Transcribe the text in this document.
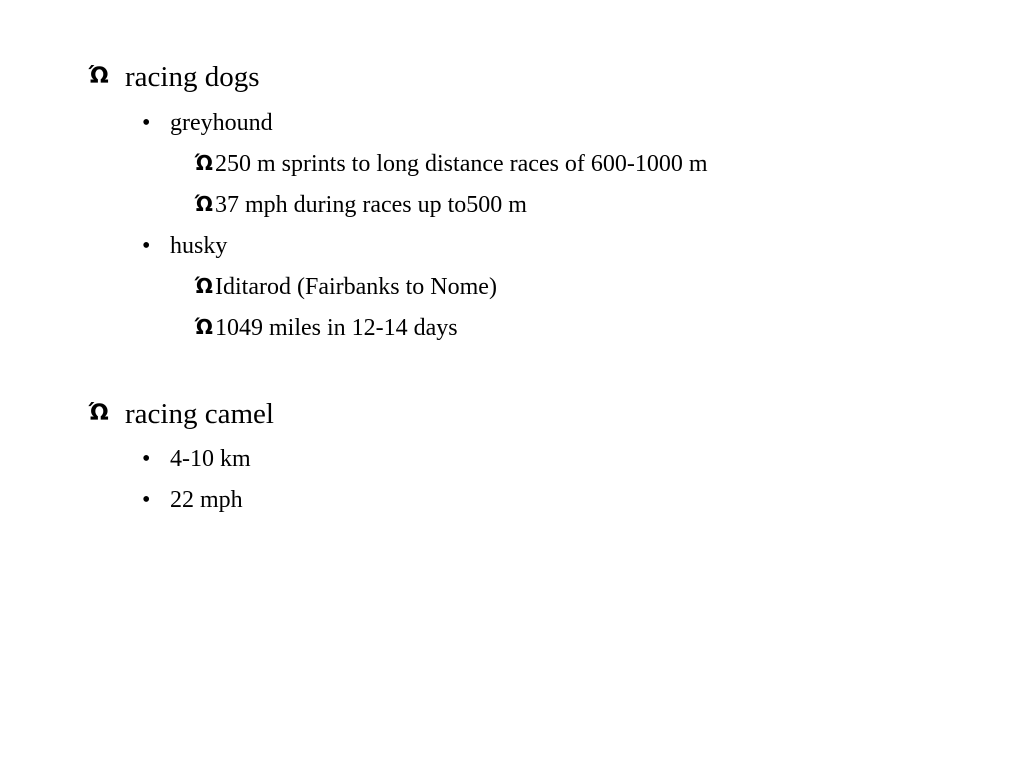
Ώ racing dogs
• greyhound
Ώ 250 m sprints to long distance races of 600-1000 m
Ώ 37 mph during races up to500 m
• husky
Ώ Iditarod (Fairbanks to Nome)
Ώ 1049 miles in 12-14 days
Ώ racing camel
• 4-10 km
• 22 mph
